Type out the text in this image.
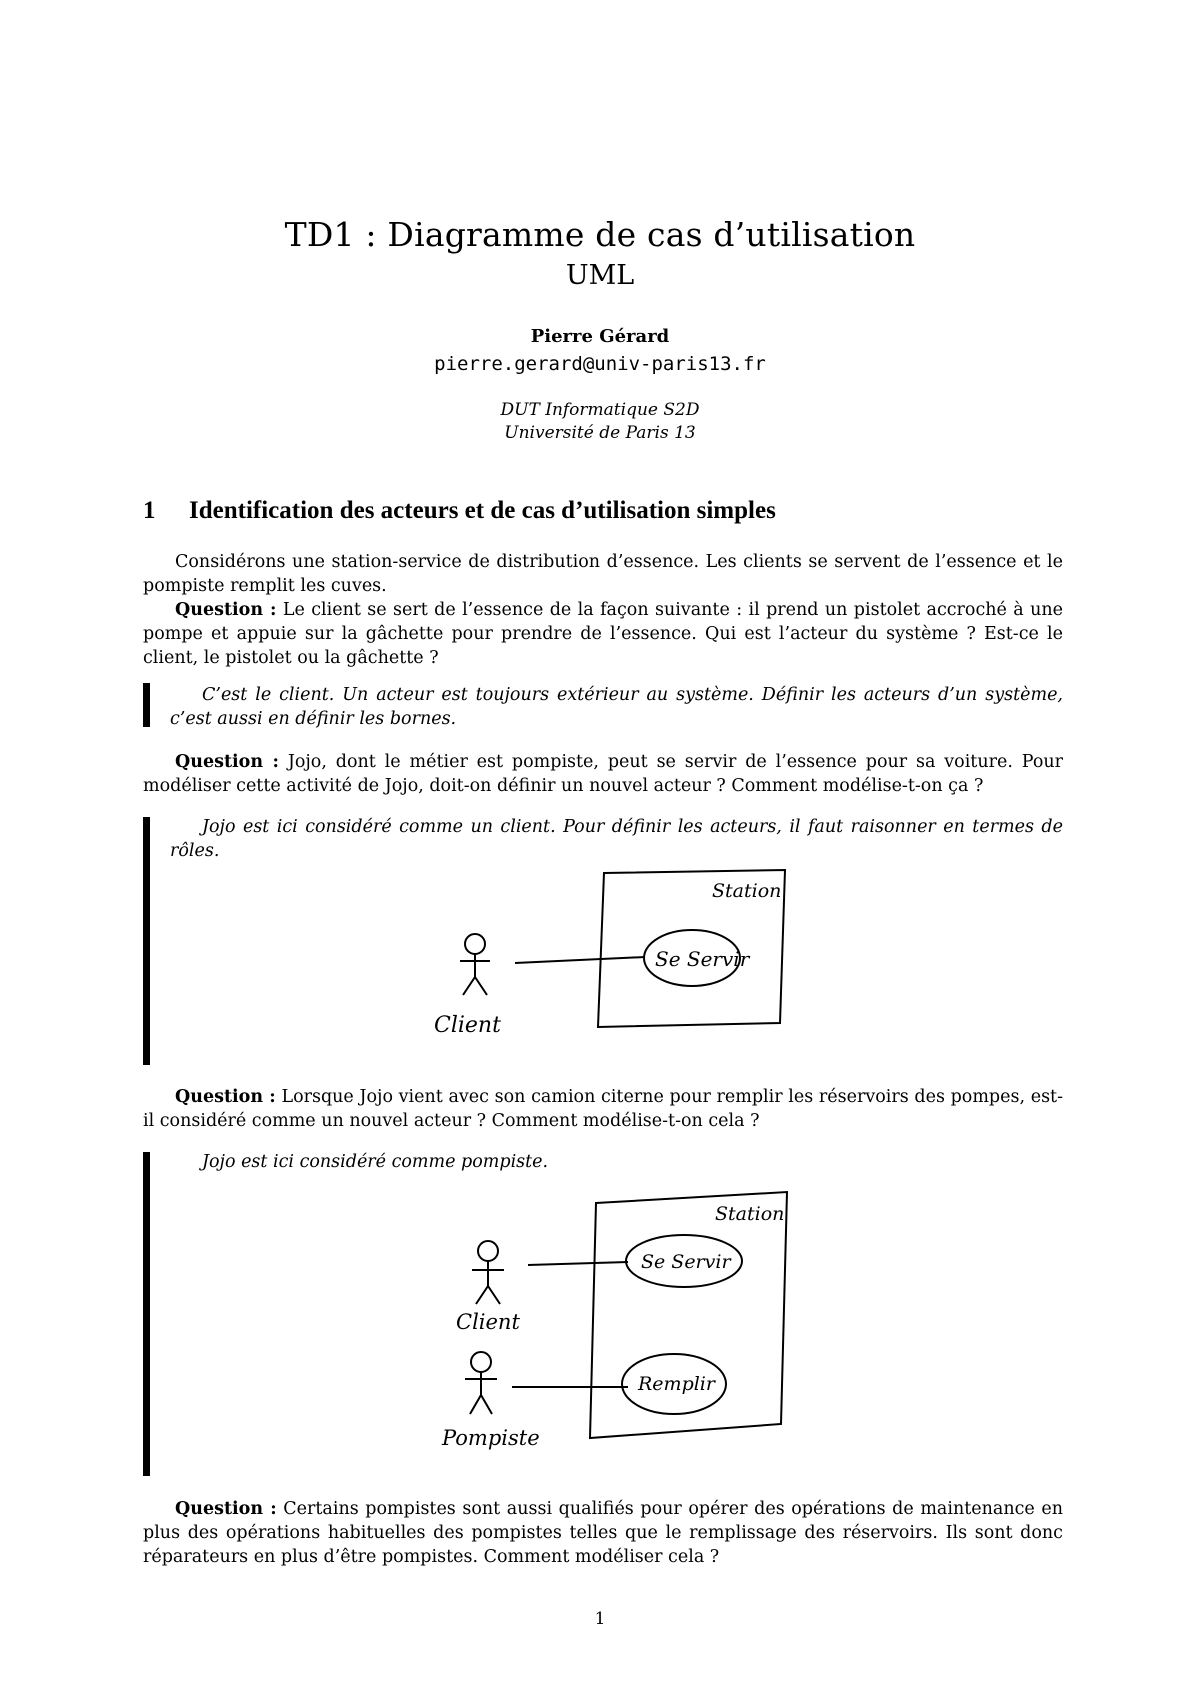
TD1 : Diagramme de cas d’utilisation
UML
Pierre Gérard
pierre.gerard@univ-paris13.fr
DUT Informatique S2D
Université de Paris 13
1 Identification des acteurs et de cas d’utilisation simples
Considérons une station-service de distribution d’essence. Les clients se servent de l’essence et le pompiste remplit les cuves.
Question : Le client se sert de l’essence de la façon suivante : il prend un pistolet accroché à une pompe et appuie sur la gâchette pour prendre de l’essence. Qui est l’acteur du système ? Est-ce le client, le pistolet ou la gâchette ?
C’est le client. Un acteur est toujours extérieur au système. Définir les acteurs d’un système, c’est aussi en définir les bornes.
Question : Jojo, dont le métier est pompiste, peut se servir de l’essence pour sa voiture. Pour modéliser cette activité de Jojo, doit-on définir un nouvel acteur ? Comment modélise-t-on ça ?
Jojo est ici considéré comme un client. Pour définir les acteurs, il faut raisonner en termes de rôles.
Station
Client
Se Servir
Question : Lorsque Jojo vient avec son camion citerne pour remplir les réservoirs des pompes, est-il considéré comme un nouvel acteur ? Comment modélise-t-on cela ?
Jojo est ici considéré comme pompiste.
Station
Client
Se Servir
Pompiste
Remplir
Question : Certains pompistes sont aussi qualifiés pour opérer des opérations de maintenance en plus des opérations habituelles des pompistes telles que le remplissage des réservoirs. Ils sont donc réparateurs en plus d’être pompistes. Comment modéliser cela ?
1
